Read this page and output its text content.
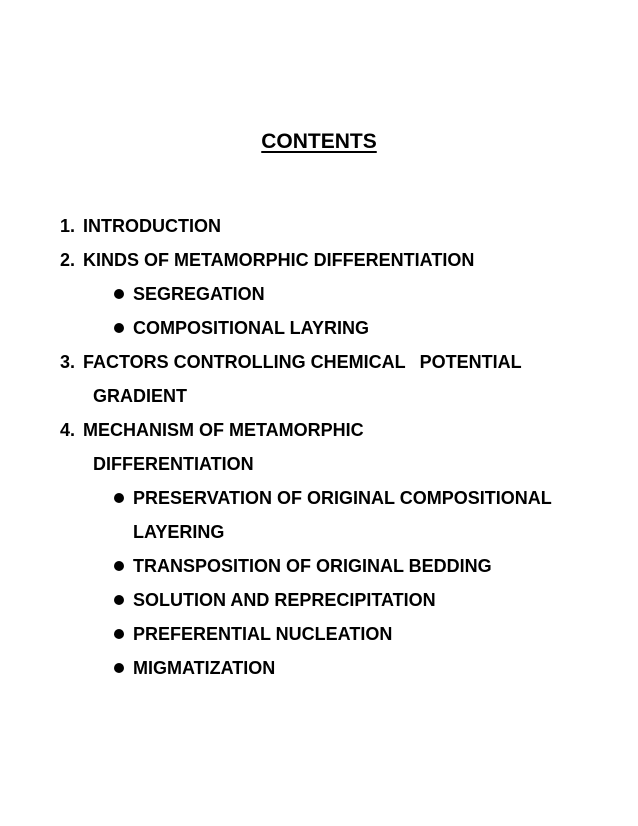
CONTENTS
1. INTRODUCTION
2. KINDS OF METAMORPHIC DIFFERENTIATION
SEGREGATION
COMPOSITIONAL LAYRING
3. FACTORS CONTROLLING CHEMICAL POTENTIAL
GRADIENT
4. MECHANISM OF METAMORPHIC
DIFFERENTIATION
PRESERVATION OF ORIGINAL COMPOSITIONAL
LAYERING
TRANSPOSITION OF ORIGINAL BEDDING
SOLUTION AND REPRECIPITATION
PREFERENTIAL NUCLEATION
MIGMATIZATION
